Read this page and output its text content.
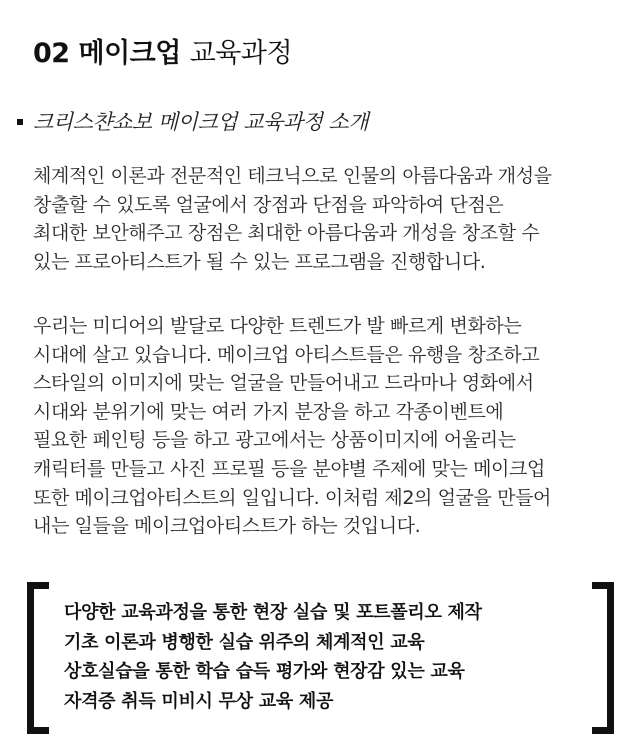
02 메이크업 교육과정
크리스챤쇼보 메이크업 교육과정 소개
체계적인 이론과 전문적인 테크닉으로 인물의 아름다움과 개성을
창출할 수 있도록 얼굴에서 장점과 단점을 파악하여 단점은
최대한 보안해주고 장점은 최대한 아름다움과 개성을 창조할 수
있는 프로아티스트가 될 수 있는 프로그램을 진행합니다.
우리는 미디어의 발달로 다양한 트렌드가 발 빠르게 변화하는
시대에 살고 있습니다. 메이크업 아티스트들은 유행을 창조하고
스타일의 이미지에 맞는 얼굴을 만들어내고 드라마나 영화에서
시대와 분위기에 맞는 여러 가지 분장을 하고 각종이벤트에
필요한 페인팅 등을 하고 광고에서는 상품이미지에 어울리는
캐릭터를 만들고 사진 프로필 등을 분야별 주제에 맞는 메이크업
또한 메이크업아티스트의 일입니다. 이처럼 제2의 얼굴을 만들어
내는 일들을 메이크업아티스트가 하는 것입니다.
다양한 교육과정을 통한 현장 실습 및 포트폴리오 제작
기초 이론과 병행한 실습 위주의 체계적인 교육
상호실습을 통한 학습 습득 평가와 현장감 있는 교육
자격증 취득 미비시 무상 교육 제공
